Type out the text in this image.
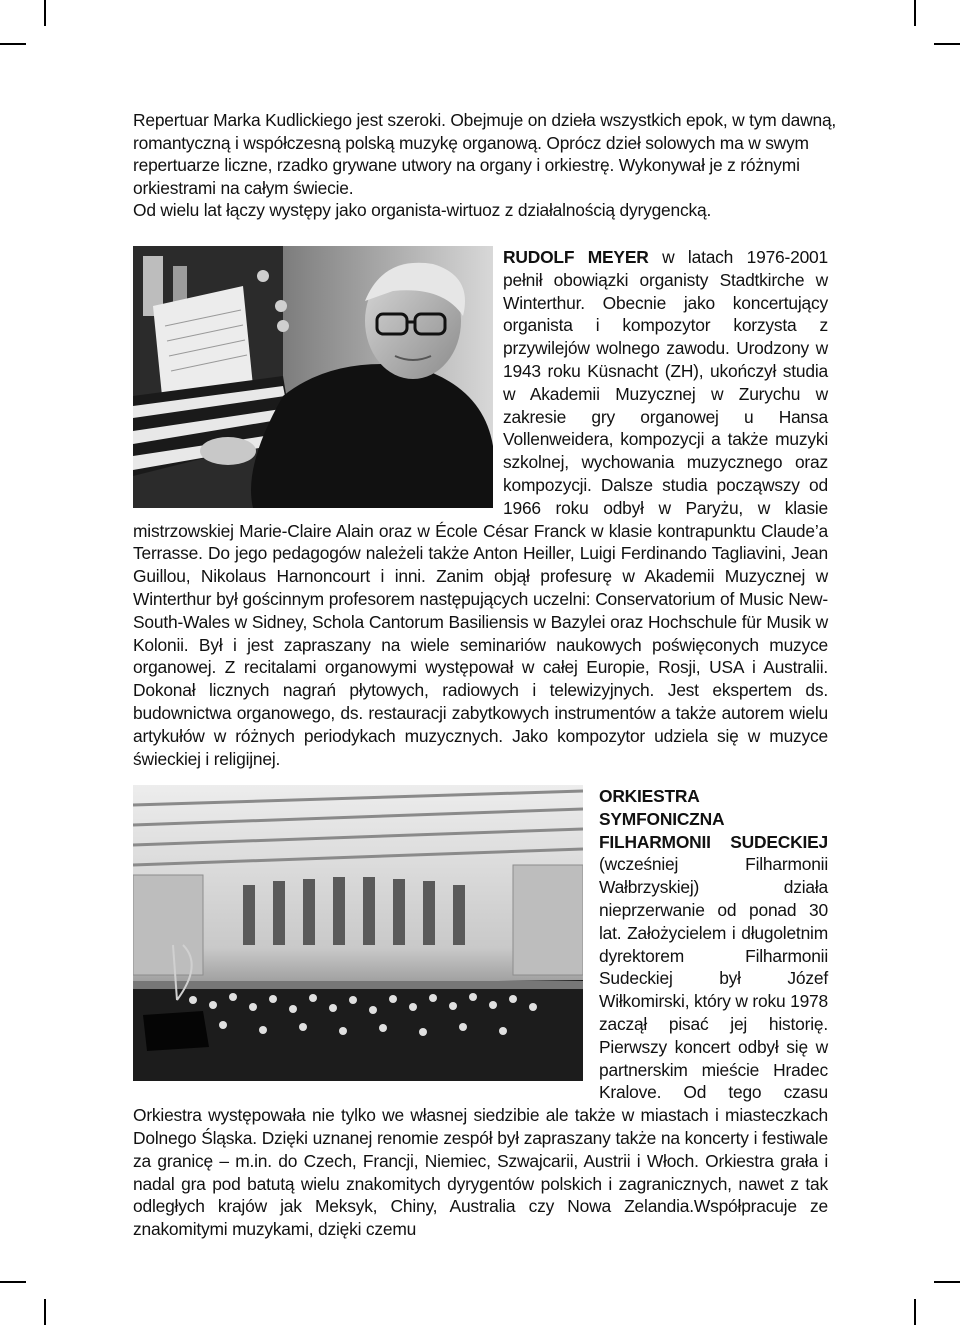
Repertuar Marka Kudlickiego jest szeroki. Obejmuje on dzieła wszystkich epok, w tym dawną,
romantyczną i współczesną polską muzykę organową. Oprócz dzieł solowych ma w swym
repertuarze liczne, rzadko grywane utwory na organy i orkiestrę. Wykonywał je z różnymi
orkiestrami na całym świecie.
Od wielu lat łączy występy jako organista-wirtuoz z działalnością dyrygencką.

RUDOLF MEYER w latach 1976-2001 pełnił obowiązki organisty Stadtkirche w Winterthur. Obecnie jako koncertujący organista i kompozytor korzysta z przywilejów wolnego zawodu. Urodzony w 1943 roku Küsnacht (ZH), ukończył studia w Akademii Muzycznej w Zurychu w zakresie gry organowej u Hansa Vollenweidera, kompozycji a także muzyki szkolnej, wychowania muzycznego oraz kompozycji. Dalsze studia począwszy od 1966 roku odbył w Paryżu, w klasie mistrzowskiej Marie-Claire Alain oraz w École César Franck w klasie kontrapunktu Claude’a Terrasse. Do jego pedagogów należeli także Anton Heiller, Luigi Ferdinando Tagliavini, Jean Guillou, Nikolaus Harnoncourt i inni. Zanim objął profesurę w Akademii Muzycznej w Winterthur był gościnnym profesorem następujących uczelni: Conservatorium of Music New-South-Wales w Sidney, Schola Cantorum Basiliensis w Bazylei oraz Hochschule für Musik w Kolonii. Był i jest zapraszany na wiele seminariów naukowych poświęconych muzyce organowej. Z recitalami organowymi występował w całej Europie, Rosji, USA i Australii. Dokonał licznych nagrań płytowych, radiowych i telewizyjnych. Jest ekspertem ds. budownictwa organowego, ds. restauracji zabytkowych instrumentów a także autorem wielu artykułów w różnych periodykach muzycznych. Jako kompozytor udziela się w muzyce świeckiej i religijnej.

ORKIESTRA SYMFONICZNA FILHARMONII SUDECKIEJ (wcześniej Filharmonii Wałbrzyskiej) działa nieprzerwanie od ponad 30 lat. Założycielem i długoletnim dyrektorem Filharmonii Sudeckiej był Józef Wiłkomirski, który w roku 1978 zaczął pisać jej historię. Pierwszy koncert odbył się w partnerskim mieście Hradec Kralove. Od tego czasu Orkiestra występowała nie tylko we własnej siedzibie ale także w miastach i miasteczkach Dolnego Śląska. Dzięki uznanej renomie zespół był zapraszany także na koncerty i festiwale za granicę – m.in. do Czech, Francji, Niemiec, Szwajcarii, Austrii i Włoch. Orkiestra grała i nadal gra pod batutą wielu znakomitych dyrygentów polskich i zagranicznych, nawet z tak odległych krajów jak Meksyk, Chiny, Australia czy Nowa Zelandia.Współpracuje ze znakomitymi muzykami, dzięki czemu
